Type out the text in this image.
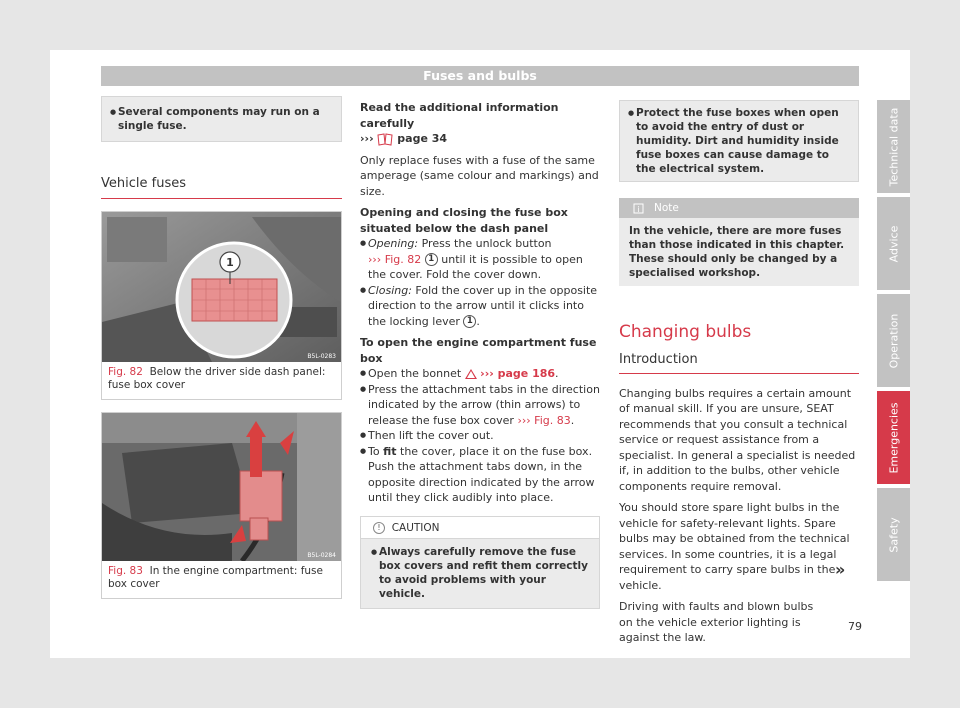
Fuses and bulbs
● Several components may run on a single fuse.
Vehicle fuses
1
B5L-0283
Fig. 82 Below the driver side dash panel: fuse box cover
B5L-0284
Fig. 83 In the engine compartment: fuse box cover
Read the additional information carefully
››› page 34
Only replace fuses with a fuse of the same amperage (same colour and markings) and size.
Opening and closing the fuse box situated below the dash panel
● Opening: Press the unlock button
››› Fig. 82 1 until it is possible to open the cover. Fold the cover down.
● Closing: Fold the cover up in the opposite direction to the arrow until it clicks into the locking lever 1 .
To open the engine compartment fuse box
● Open the bonnet ››› page 186.
● Press the attachment tabs in the direction indicated by the arrow (thin arrows) to release the fuse box cover ››› Fig. 83.
● Then lift the cover out.
● To fit the cover, place it on the fuse box. Push the attachment tabs down, in the opposite direction indicated by the arrow until they click audibly into place.
! CAUTION
● Always carefully remove the fuse box covers and refit them correctly to avoid problems with your vehicle.
● Protect the fuse boxes when open to avoid the entry of dust or humidity. Dirt and humidity inside fuse boxes can cause damage to the electrical system.
i Note
In the vehicle, there are more fuses than those indicated in this chapter. These should only be changed by a specialised workshop.
Changing bulbs
Introduction
Changing bulbs requires a certain amount of manual skill. If you are unsure, SEAT recommends that you consult a technical service or request assistance from a specialist. In general a specialist is needed if, in addition to the bulbs, other vehicle components require removal.
You should store spare light bulbs in the vehicle for safety-relevant lights. Spare bulbs may be obtained from the technical services. In some countries, it is a legal requirement to carry spare bulbs in the vehicle.
Driving with faults and blown bulbs on the vehicle exterior lighting is against the law.
»
Technical data
Advice
Operation
Emergencies
Safety
79
